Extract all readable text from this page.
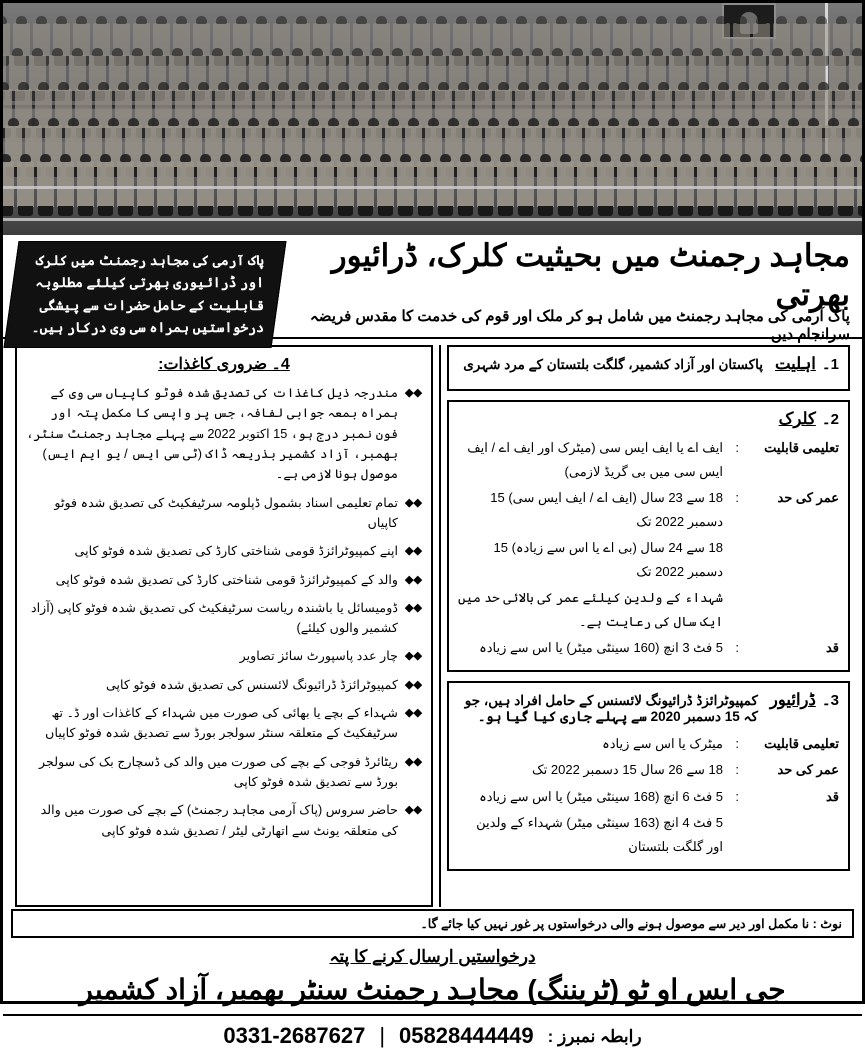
پاک آرمی کی مجاہد رجمنٹ میں کلرک اور ڈرائیوری بھرتی کیلئے مطلوبہ قابلیت کے حامل حضرات سے پیشگی درخواستیں ہمراہ سی وی درکار ہیں۔
مجاہد رجمنٹ میں بحیثیت کلرک، ڈرائیور بھرتی
پاک آرمی کی مجاہد رجمنٹ میں شامل ہو کر ملک اور قوم کی خدمت کا مقدس فریضہ سرانجام دیں
1۔
اہلیت
پاکستان اور آزاد کشمیر، گلگت بلتستان کے مرد شہری
2۔
کلرک
تعلیمی قابلیت
:
ایف اے یا ایف ایس سی (میٹرک اور ایف اے / ایف ایس سی میں بی گریڈ لازمی)
عمر کی حد
:
18 سے 23 سال (ایف اے / ایف ایس سی) 15 دسمبر 2022 تک
18 سے 24 سال (بی اے یا اس سے زیادہ) 15 دسمبر 2022 تک
شہداء کے ولدین کیلئے عمر کی بالائی حد میں ایک سال کی رعایت ہے۔
قد
:
5 فٹ 3 انچ (160 سینٹی میٹر) یا اس سے زیادہ
3۔
ڈرائیور
کمپیوٹرائزڈ ڈرائیونگ لائسنس کے حامل افراد ہیں، جو کہ 15 دسمبر 2020 سے پہلے جاری کیا گیا ہو۔
تعلیمی قابلیت
:
میٹرک یا اس سے زیادہ
عمر کی حد
:
18 سے 26 سال 15 دسمبر 2022 تک
قد
:
5 فٹ 6 انچ (168 سینٹی میٹر) یا اس سے زیادہ
5 فٹ 4 انچ (163 سینٹی میٹر) شہداء کے ولدین اور گلگت بلتستان
4۔ ضروری کاغذات:
◆◆
مندرجہ ذیل کاغذات کی تصدیق شدہ فوٹو کاپیاں سی وی کے ہمراہ بمعہ جوابی لفافہ، جس پر واپسی کا مکمل پتہ اور فون نمبر درج ہو، 15 اکتوبر 2022 سے پہلے مجاہد رجمنٹ سنٹر، بھمبر، آزاد کشمیر بذریعہ ڈاک (ٹی سی ایس / یو ایم ایس) موصول ہونا لازمی ہے۔
◆◆
تمام تعلیمی اسناد بشمول ڈپلومہ سرٹیفکیٹ کی تصدیق شدہ فوٹو کاپیاں
◆◆
اپنے کمپیوٹرائزڈ قومی شناختی کارڈ کی تصدیق شدہ فوٹو کاپی
◆◆
والد کے کمپیوٹرائزڈ قومی شناختی کارڈ کی تصدیق شدہ فوٹو کاپی
◆◆
ڈومیسائل یا باشندہ ریاست سرٹیفکیٹ کی تصدیق شدہ فوٹو کاپی (آزاد کشمیر والوں کیلئے)
◆◆
چار عدد پاسپورٹ سائز تصاویر
◆◆
کمپیوٹرائزڈ ڈرائیونگ لائسنس کی تصدیق شدہ فوٹو کاپی
◆◆
شہداء کے بچے یا بھائی کی صورت میں شہداء کے کاغذات اور ڈ۔ تھ سرٹیفکیٹ کے متعلقہ سنٹر سولجر بورڈ سے تصدیق شدہ فوٹو کاپیاں
◆◆
ریٹائرڈ فوجی کے بچے کی صورت میں والد کی ڈسچارج بک کی سولجر بورڈ سے تصدیق شدہ فوٹو کاپی
◆◆
حاضر سروس (پاک آرمی مجاہد رجمنٹ) کے بچے کی صورت میں والد کی متعلقہ یونٹ سے اتھارٹی لیٹر / تصدیق شدہ فوٹو کاپی
نوٹ : نا مکمل اور دیر سے موصول ہونے والی درخواستوں پر غور نہیں کیا جائے گا۔
درخواستیں ارسال کرنے کا پتہ
جی ایس او ٹو (ٹریننگ) مجاہد رجمنٹ سنٹر بھمبر، آزاد کشمیر
رابطہ نمبرز :
05828444449
|
0331-2687627
